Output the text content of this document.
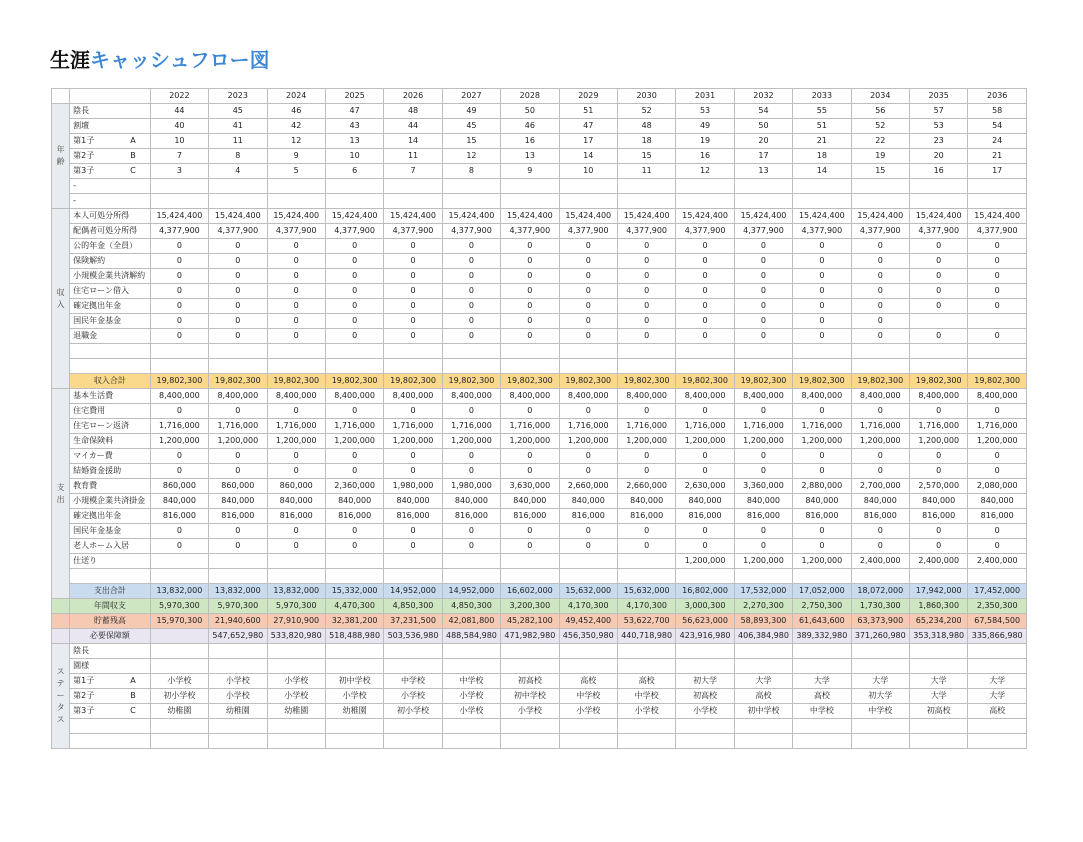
生涯キャッシュフロー図
		2022	2023	2024	2025	2026	2027	2028	2029	2030	2031	2032	2033	2034	2035	2036

年
齢	陰長	44	45	46	47	48	49	50	51	52	53	54	55	56	57	58
	割壇	40	41	42	43	44	45	46	47	48	49	50	51	52	53	54
	第1子 A	10	11	12	13	14	15	16	17	18	19	20	21	22	23	24
	第2子 B	7	8	9	10	11	12	13	14	15	16	17	18	19	20	21
	第3子 C	3	4	5	6	7	8	9	10	11	12	13	14	15	16	17
	-															
	-															

収
入	本人可処分所得	15,424,400	15,424,400	15,424,400	15,424,400	15,424,400	15,424,400	15,424,400	15,424,400	15,424,400	15,424,400	15,424,400	15,424,400	15,424,400	15,424,400	15,424,400
	配偶者可処分所得	4,377,900	4,377,900	4,377,900	4,377,900	4,377,900	4,377,900	4,377,900	4,377,900	4,377,900	4,377,900	4,377,900	4,377,900	4,377,900	4,377,900	4,377,900
	公的年金（全員）	0	0	0	0	0	0	0	0	0	0	0	0	0	0	0
	保険解約	0	0	0	0	0	0	0	0	0	0	0	0	0	0	0
	小規模企業共済解約	0	0	0	0	0	0	0	0	0	0	0	0	0	0	0
	住宅ローン借入	0	0	0	0	0	0	0	0	0	0	0	0	0	0	0
	確定拠出年金	0	0	0	0	0	0	0	0	0	0	0	0	0	0	0
	国民年金基金	0	0	0	0	0	0	0	0	0	0	0	0	0		
	退職金	0	0	0	0	0	0	0	0	0	0	0	0	0	0	0

	収入合計	19,802,300	19,802,300	19,802,300	19,802,300	19,802,300	19,802,300	19,802,300	19,802,300	19,802,300	19,802,300	19,802,300	19,802,300	19,802,300	19,802,300	19,802,300

支
出	基本生活費	8,400,000	8,400,000	8,400,000	8,400,000	8,400,000	8,400,000	8,400,000	8,400,000	8,400,000	8,400,000	8,400,000	8,400,000	8,400,000	8,400,000	8,400,000
	住宅費用	0	0	0	0	0	0	0	0	0	0	0	0	0	0	0
	住宅ローン返済	1,716,000	1,716,000	1,716,000	1,716,000	1,716,000	1,716,000	1,716,000	1,716,000	1,716,000	1,716,000	1,716,000	1,716,000	1,716,000	1,716,000	1,716,000
	生命保険料	1,200,000	1,200,000	1,200,000	1,200,000	1,200,000	1,200,000	1,200,000	1,200,000	1,200,000	1,200,000	1,200,000	1,200,000	1,200,000	1,200,000	1,200,000
	マイカー費	0	0	0	0	0	0	0	0	0	0	0	0	0	0	0
	結婚資金援助	0	0	0	0	0	0	0	0	0	0	0	0	0	0	0
	教育費	860,000	860,000	860,000	2,360,000	1,980,000	1,980,000	3,630,000	2,660,000	2,660,000	2,630,000	3,360,000	2,880,000	2,700,000	2,570,000	2,080,000
	小規模企業共済掛金	840,000	840,000	840,000	840,000	840,000	840,000	840,000	840,000	840,000	840,000	840,000	840,000	840,000	840,000	840,000
	確定拠出年金	816,000	816,000	816,000	816,000	816,000	816,000	816,000	816,000	816,000	816,000	816,000	816,000	816,000	816,000	816,000
	国民年金基金	0	0	0	0	0	0	0	0	0	0	0	0	0	0	0
	老人ホーム入居	0	0	0	0	0	0	0	0	0	0	0	0	0	0	0
	仕送り										1,200,000	1,200,000	1,200,000	2,400,000	2,400,000	2,400,000

	支出合計	13,832,000	13,832,000	13,832,000	15,332,000	14,952,000	14,952,000	16,602,000	15,632,000	15,632,000	16,802,000	17,532,000	17,052,000	18,072,000	17,942,000	17,452,000
	年間収支	5,970,300	5,970,300	5,970,300	4,470,300	4,850,300	4,850,300	3,200,300	4,170,300	4,170,300	3,000,300	2,270,300	2,750,300	1,730,300	1,860,300	2,350,300
	貯蓄残高	15,970,300	21,940,600	27,910,900	32,381,200	37,231,500	42,081,800	45,282,100	49,452,400	53,622,700	56,623,000	58,893,300	61,643,600	63,373,900	65,234,200	67,584,500
	必要保障額		547,652,980	533,820,980	518,488,980	503,536,980	488,584,980	471,982,980	456,350,980	440,718,980	423,916,980	406,384,980	389,332,980	371,260,980	353,318,980	335,866,980

ス
テ
ー
タ
ス	陰長															
	園様															
	第1子 A	小学校	小学校	小学校	初中学校	中学校	中学校	初高校	高校	高校	初大学	大学	大学	大学	大学	大学
	第2子 B	初小学校	小学校	小学校	小学校	小学校	小学校	初中学校	中学校	中学校	初高校	高校	高校	初大学	大学	大学
	第3子 C	幼稚園	幼稚園	幼稚園	幼稚園	初小学校	小学校	小学校	小学校	小学校	小学校	初中学校	中学校	中学校	初高校	高校
